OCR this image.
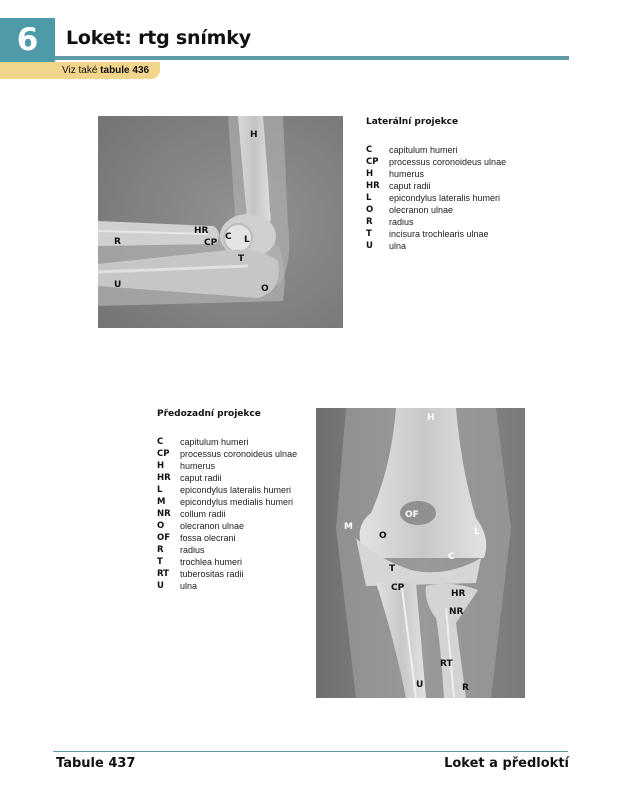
6	Loket: rtg snímky
Viz také tabule 436
H
HR
CP
C L
R
T
U	O
Laterální projekce
C	capitulum humeri
CP	processus coronoideus ulnae
H	humerus
HR	caput radii
L	epicondylus lateralis humeri
O	olecranon ulnae
R	radius
T	incisura trochlearis ulnae
U	ulna
Předozadní projekce
C	capitulum humeri
CP	processus coronoideus ulnae
H	humerus
HR	caput radii
L	epicondylus lateralis humeri
M	epicondylus medialis humeri
NR	collum radii
O	olecranon ulnae
OF	fossa olecrani
R	radius
T	trochlea humeri
RT	tuberositas radii
U	ulna
H
OF
M
O	L
C
T
CP
HR
NR
RT
U	R
Tabule 437	Loket a předloktí
